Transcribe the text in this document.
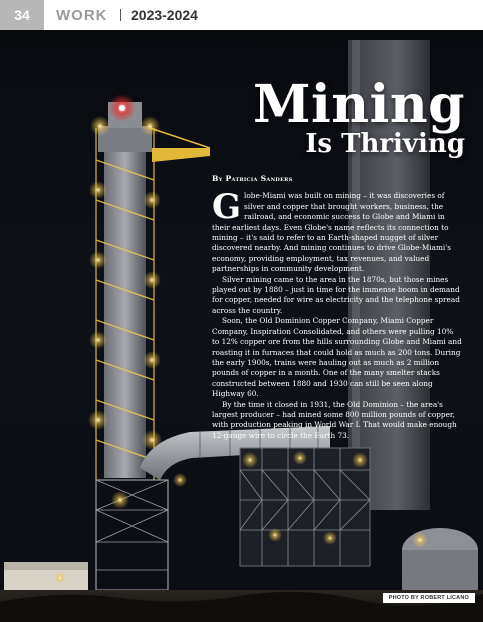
34	WORK 2023-2024
Mining
Is Thriving
By Patricia Sanders

Globe-Miami was built on mining – it was discoveries of silver and copper that brought workers, business, the railroad, and economic success to Globe and Miami in their earliest days. Even Globe's name reflects its connection to mining – it's said to refer to an Earth-shaped nugget of silver discovered nearby. And mining continues to drive Globe-Miami's economy, providing employment, tax revenues, and valued partnerships in community development.

Silver mining came to the area in the 1870s, but those mines played out by 1880 – just in time for the immense boom in demand for copper, needed for wire as electricity and the telephone spread across the country.

Soon, the Old Dominion Copper Company, Miami Copper Company, Inspiration Consolidated, and others were pulling 10% to 12% copper ore from the hills surrounding Globe and Miami and roasting it in furnaces that could hold as much as 200 tons. During the early 1900s, trains were hauling out as much as 2 million pounds of copper in a month. One of the many smelter stacks constructed between 1880 and 1930 can still be seen along Highway 60.

By the time it closed in 1931, the Old Dominion – the area's largest producer – had mined some 800 million pounds of copper, with production peaking in World War I. That would make enough 12-gauge wire to circle the Earth 73.

PHOTO BY ROBERT LICANO
